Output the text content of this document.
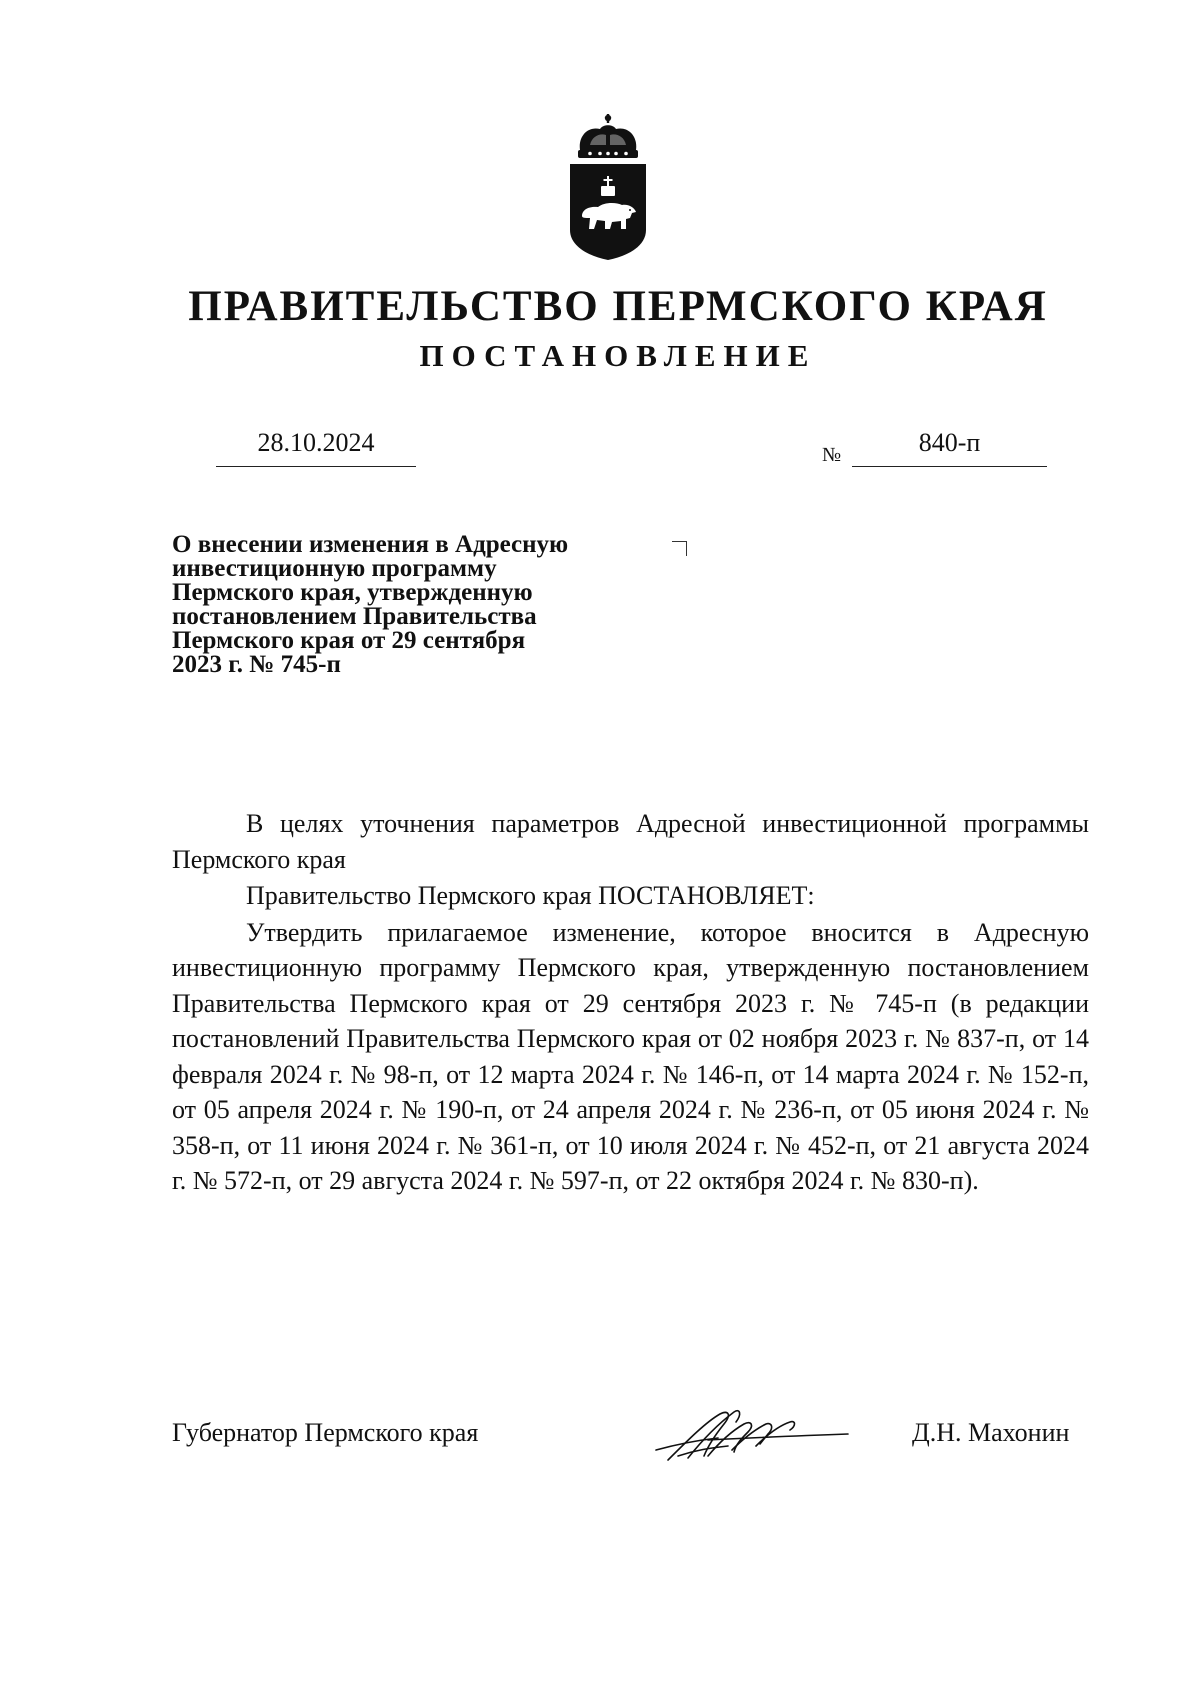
ПРАВИТЕЛЬСТВО ПЕРМСКОГО КРАЯ
ПОСТАНОВЛЕНИЕ
28.10.2024	№	840-п
О внесении изменения в Адресную
инвестиционную программу
Пермского края, утвержденную
постановлением Правительства
Пермского края от 29 сентября
2023 г. № 745-п

В целях уточнения параметров Адресной инвестиционной программы Пермского края

Правительство Пермского края ПОСТАНОВЛЯЕТ:

Утвердить прилагаемое изменение, которое вносится в Адресную инвестиционную программу Пермского края, утвержденную постановлением Правительства Пермского края от 29 сентября 2023 г. № 745-п (в редакции постановлений Правительства Пермского края от 02 ноября 2023 г. № 837-п, от 14 февраля 2024 г. № 98-п, от 12 марта 2024 г. № 146-п, от 14 марта 2024 г. № 152-п, от 05 апреля 2024 г. № 190-п, от 24 апреля 2024 г. № 236-п, от 05 июня 2024 г. № 358-п, от 11 июня 2024 г. № 361-п, от 10 июля 2024 г. № 452-п, от 21 августа 2024 г. № 572-п, от 29 августа 2024 г. № 597-п, от 22 октября 2024 г. № 830-п).

Губернатор Пермского края	Д.Н. Махонин
